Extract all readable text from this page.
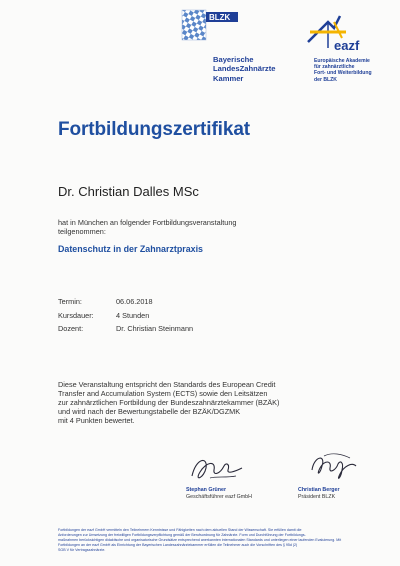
BLZK
Bayerische
LandesZahnärzte
Kammer
eazf
Europäische Akademie
für zahnärztliche
Fort- und Weiterbildung
der BLZK
Fortbildungszertifikat
Dr. Christian Dalles MSc
hat in München an folgender Fortbildungsveranstaltung
teilgenommen:
Datenschutz in der Zahnarztpraxis
Termin:	06.06.2018
Kursdauer:	4 Stunden
Dozent:	Dr. Christian Steinmann
Diese Veranstaltung entspricht den Standards des European Credit
Transfer and Accumulation System (ECTS) sowie den Leitsätzen
zur zahnärztlichen Fortbildung der Bundeszahnärztekammer (BZÄK)
und wird nach der Bewertungstabelle der BZÄK/DGZMK
mit 4 Punkten bewertet.
Stephan Grüner
Geschäftsführer eazf GmbH
Christian Berger
Präsident BLZK
Fortbildungen der eazf GmbH vermitteln den Teilnehmern Kenntnisse und Fähigkeiten nach dem aktuellen Stand der Wissenschaft. Sie erfüllen damit die
Anforderungen zur Umsetzung der freiwilligen Fortbildungsverpflichtung gemäß der Berufsordnung für Zahnärzte. Form und Durchführung der Fortbildungs-
maßnahmen berücksichtigen didaktische und organisatorische Grundsätze entsprechend anerkannten internationalen Standards und unterliegen einer laufenden Evaluierung. Mit
Fortbildungen an der eazf GmbH als Einrichtung der Bayerischen Landeszahnärztekammer erfüllen die Teilnehmer auch die Vorschriften des § 95d (2)
SGB V für Vertragszahnärzte.
